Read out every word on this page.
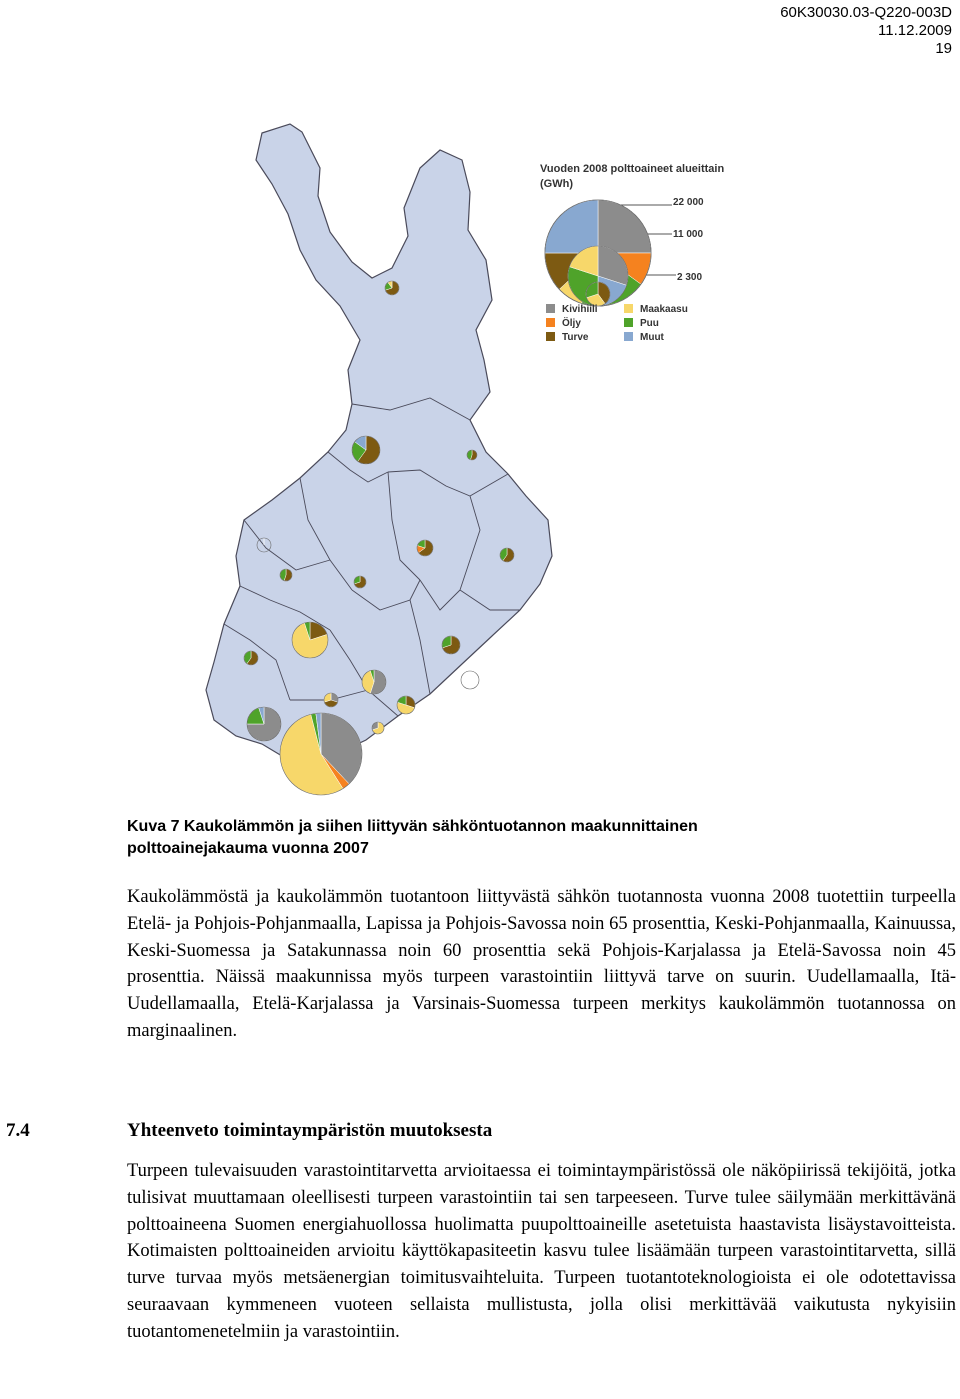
60K30030.03-Q220-003D
11.12.2009
19
Vuoden 2008 polttoaineet alueittain
(GWh)
22 000
11 000
2 300
Kivihiili	Maakaasu
Öljy	Puu
Turve	Muut
Kuva 7 Kaukolämmön ja siihen liittyvän sähköntuotannon maakunnittainen
polttoainejakauma vuonna 2007
Kaukolämmöstä ja kaukolämmön tuotantoon liittyvästä sähkön tuotannosta vuonna 2008 tuotettiin turpeella Etelä- ja Pohjois-Pohjanmaalla, Lapissa ja Pohjois-Savossa noin 65 prosenttia, Keski-Pohjanmaalla, Kainuussa, Keski-Suomessa ja Satakunnassa noin 60 prosenttia sekä Pohjois-Karjalassa ja Etelä-Savossa noin 45 prosenttia. Näissä maakunnissa myös turpeen varastointiin liittyvä tarve on suurin. Uudellamaalla, Itä-Uudellamaalla, Etelä-Karjalassa ja Varsinais-Suomessa turpeen merkitys kaukolämmön tuotannossa on marginaalinen.
7.4	Yhteenveto toimintaympäristön muutoksesta
Turpeen tulevaisuuden varastointitarvetta arvioitaessa ei toimintaympäristössä ole näköpiirissä tekijöitä, jotka tulisivat muuttamaan oleellisesti turpeen varastointiin tai sen tarpeeseen. Turve tulee säilymään merkittävänä polttoaineena Suomen energiahuollossa huolimatta puupolttoaineille asetetuista haastavista lisäystavoitteista. Kotimaisten polttoaineiden arvioitu käyttökapasiteetin kasvu tulee lisäämään turpeen varastointitarvetta, sillä turve turvaa myös metsäenergian toimitusvaihteluita. Turpeen tuotantoteknologioista ei ole odotettavissa seuraavaan kymmeneen vuoteen sellaista mullistusta, jolla olisi merkittävää vaikutusta nykyisiin tuotantomenetelmiin ja varastointiin.
